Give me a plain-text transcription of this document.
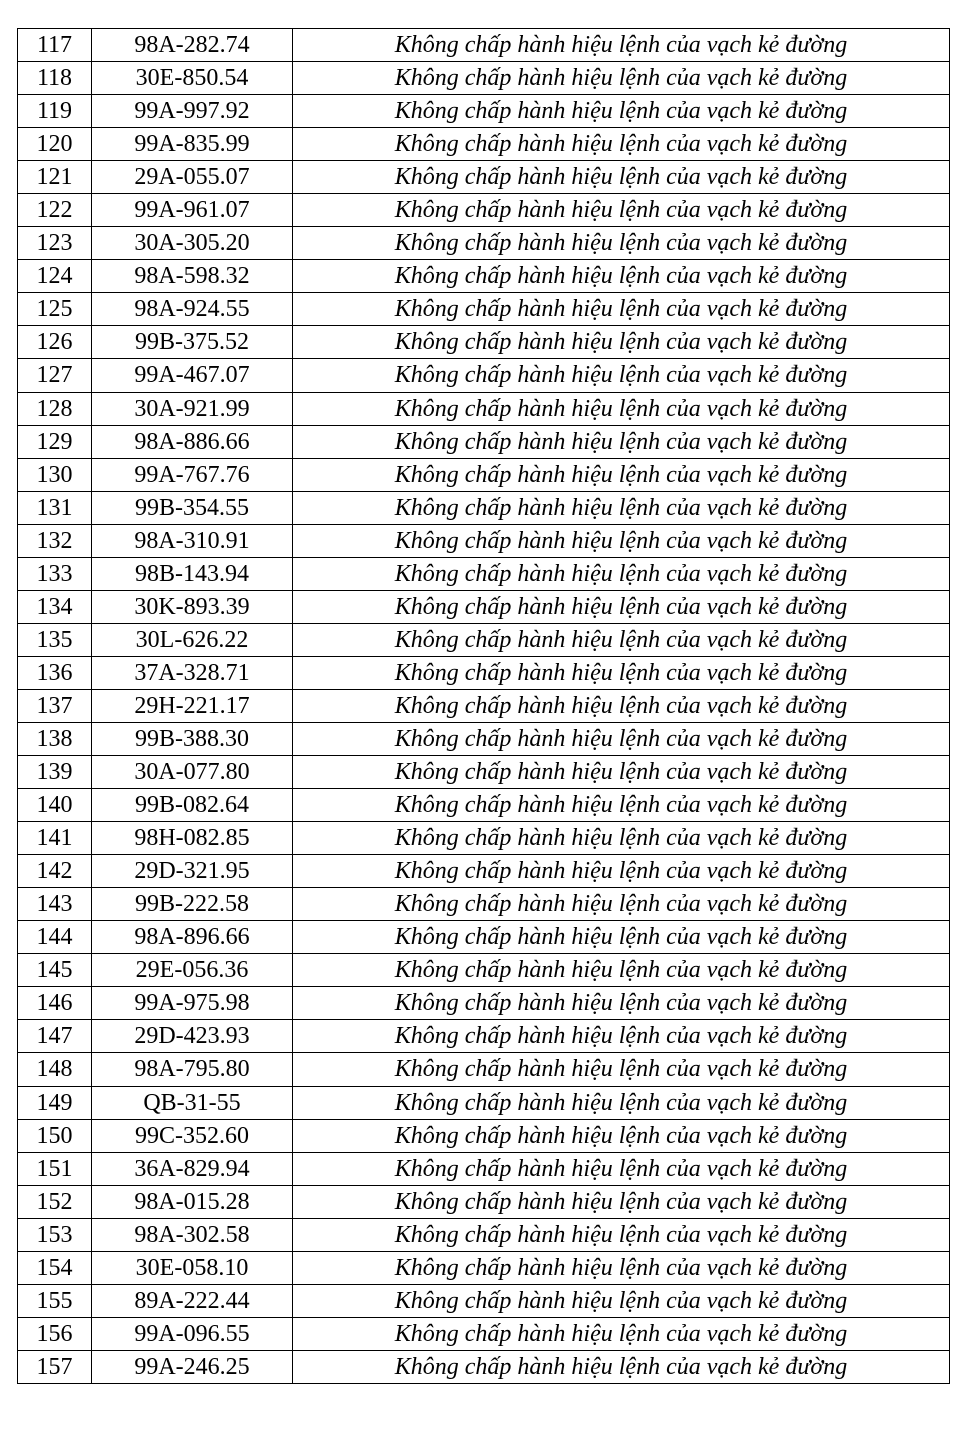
117	98A-282.74	Không chấp hành hiệu lệnh của vạch kẻ đường
118	30E-850.54	Không chấp hành hiệu lệnh của vạch kẻ đường
119	99A-997.92	Không chấp hành hiệu lệnh của vạch kẻ đường
120	99A-835.99	Không chấp hành hiệu lệnh của vạch kẻ đường
121	29A-055.07	Không chấp hành hiệu lệnh của vạch kẻ đường
122	99A-961.07	Không chấp hành hiệu lệnh của vạch kẻ đường
123	30A-305.20	Không chấp hành hiệu lệnh của vạch kẻ đường
124	98A-598.32	Không chấp hành hiệu lệnh của vạch kẻ đường
125	98A-924.55	Không chấp hành hiệu lệnh của vạch kẻ đường
126	99B-375.52	Không chấp hành hiệu lệnh của vạch kẻ đường
127	99A-467.07	Không chấp hành hiệu lệnh của vạch kẻ đường
128	30A-921.99	Không chấp hành hiệu lệnh của vạch kẻ đường
129	98A-886.66	Không chấp hành hiệu lệnh của vạch kẻ đường
130	99A-767.76	Không chấp hành hiệu lệnh của vạch kẻ đường
131	99B-354.55	Không chấp hành hiệu lệnh của vạch kẻ đường
132	98A-310.91	Không chấp hành hiệu lệnh của vạch kẻ đường
133	98B-143.94	Không chấp hành hiệu lệnh của vạch kẻ đường
134	30K-893.39	Không chấp hành hiệu lệnh của vạch kẻ đường
135	30L-626.22	Không chấp hành hiệu lệnh của vạch kẻ đường
136	37A-328.71	Không chấp hành hiệu lệnh của vạch kẻ đường
137	29H-221.17	Không chấp hành hiệu lệnh của vạch kẻ đường
138	99B-388.30	Không chấp hành hiệu lệnh của vạch kẻ đường
139	30A-077.80	Không chấp hành hiệu lệnh của vạch kẻ đường
140	99B-082.64	Không chấp hành hiệu lệnh của vạch kẻ đường
141	98H-082.85	Không chấp hành hiệu lệnh của vạch kẻ đường
142	29D-321.95	Không chấp hành hiệu lệnh của vạch kẻ đường
143	99B-222.58	Không chấp hành hiệu lệnh của vạch kẻ đường
144	98A-896.66	Không chấp hành hiệu lệnh của vạch kẻ đường
145	29E-056.36	Không chấp hành hiệu lệnh của vạch kẻ đường
146	99A-975.98	Không chấp hành hiệu lệnh của vạch kẻ đường
147	29D-423.93	Không chấp hành hiệu lệnh của vạch kẻ đường
148	98A-795.80	Không chấp hành hiệu lệnh của vạch kẻ đường
149	QB-31-55	Không chấp hành hiệu lệnh của vạch kẻ đường
150	99C-352.60	Không chấp hành hiệu lệnh của vạch kẻ đường
151	36A-829.94	Không chấp hành hiệu lệnh của vạch kẻ đường
152	98A-015.28	Không chấp hành hiệu lệnh của vạch kẻ đường
153	98A-302.58	Không chấp hành hiệu lệnh của vạch kẻ đường
154	30E-058.10	Không chấp hành hiệu lệnh của vạch kẻ đường
155	89A-222.44	Không chấp hành hiệu lệnh của vạch kẻ đường
156	99A-096.55	Không chấp hành hiệu lệnh của vạch kẻ đường
157	99A-246.25	Không chấp hành hiệu lệnh của vạch kẻ đường
